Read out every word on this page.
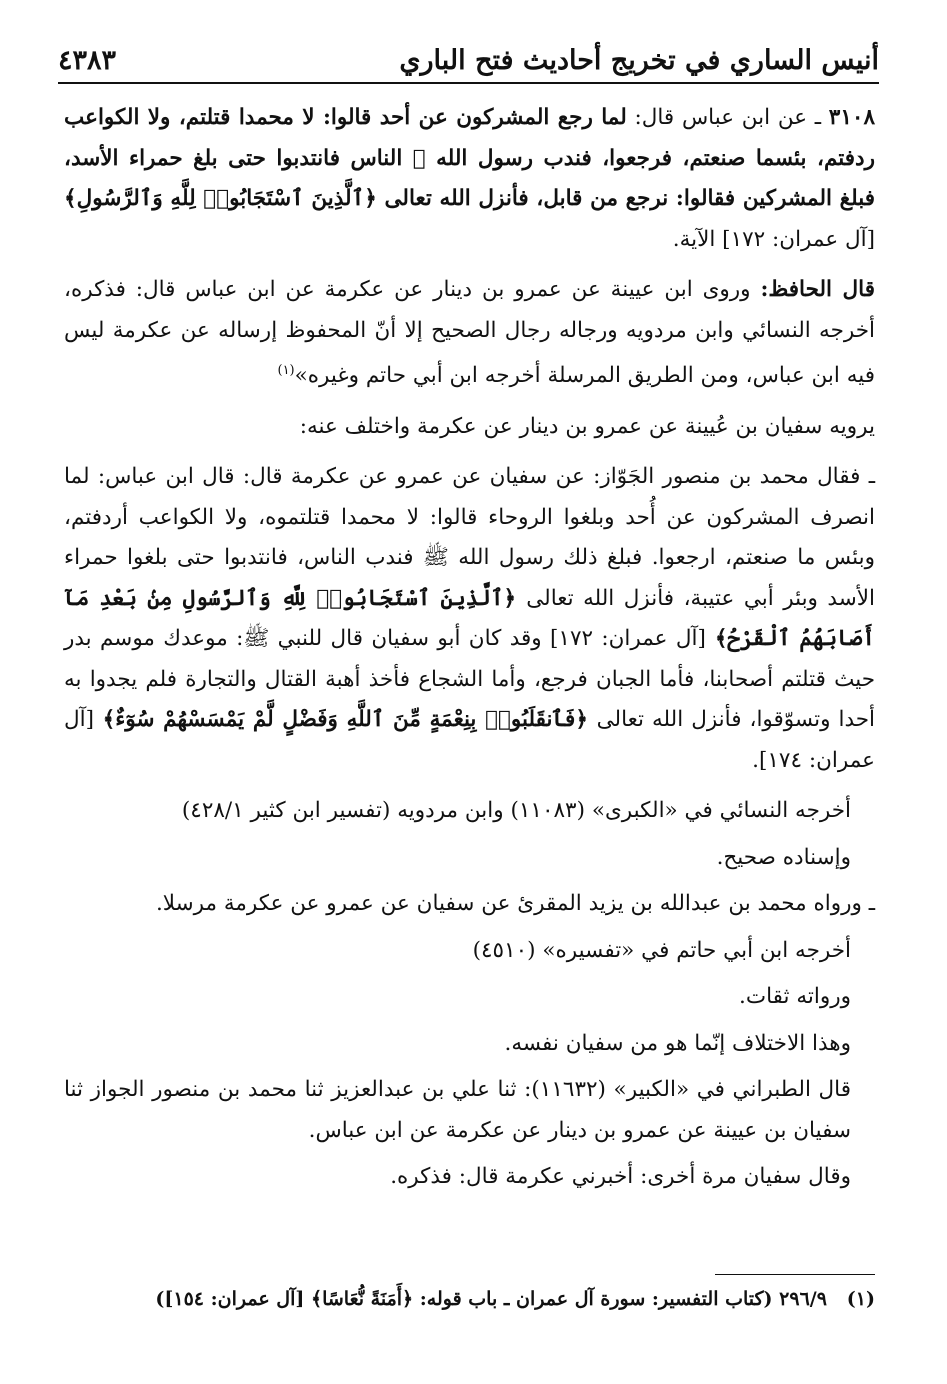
أنيس الساري في تخريج أحاديث فتح الباري
٤٣٨٣

٣١٠٨ ـ عن ابن عباس قال: لما رجع المشركون عن أحد قالوا: لا محمدا قتلتم، ولا الكواعب ردفتم، بئسما صنعتم، فرجعوا، فندب رسول الله ﷺ الناس فانتدبوا حتى بلغ حمراء الأسد، فبلغ المشركين فقالوا: نرجع من قابل، فأنزل الله تعالى ﴿ٱلَّذِينَ ٱسْتَجَابُوا۟ لِلَّهِ وَٱلرَّسُولِ﴾ [آل عمران: ١٧٢] الآية.

قال الحافظ: وروى ابن عيينة عن عمرو بن دينار عن عكرمة عن ابن عباس قال: فذكره، أخرجه النسائي وابن مردويه ورجاله رجال الصحيح إلا أنّ المحفوظ إرساله عن عكرمة ليس فيه ابن عباس، ومن الطريق المرسلة أخرجه ابن أبي حاتم وغيره»$^{(١)}$

يرويه سفيان بن عُيينة عن عمرو بن دينار عن عكرمة واختلف عنه:

ـ فقال محمد بن منصور الجَوّاز: عن سفيان عن عمرو عن عكرمة قال: قال ابن عباس: لما انصرف المشركون عن أُحد وبلغوا الروحاء قالوا: لا محمدا قتلتموه، ولا الكواعب أردفتم، وبئس ما صنعتم، ارجعوا. فبلغ ذلك رسول الله ﷺ فندب الناس، فانتدبوا حتى بلغوا حمراء الأسد وبئر أبي عتيبة، فأنزل الله تعالى ﴿ٱلَّذِينَ ٱسْتَجَابُوا۟ لِلَّهِ وَٱلرَّسُولِ مِنۢ بَعْدِ مَآ أَصَابَهُمُ ٱلْقَرْحُ﴾ [آل عمران: ١٧٢] وقد كان أبو سفيان قال للنبي ﷺ: موعدك موسم بدر حيث قتلتم أصحابنا، فأما الجبان فرجع، وأما الشجاع فأخذ أهبة القتال والتجارة فلم يجدوا به أحدا وتسوّقوا، فأنزل الله تعالى ﴿فَٱنقَلَبُوا۟ بِنِعْمَةٍ مِّنَ ٱللَّهِ وَفَضْلٍ لَّمْ يَمْسَسْهُمْ سُوٓءٌ﴾ [آل عمران: ١٧٤].

أخرجه النسائي في «الكبرى» (١١٠٨٣) وابن مردويه (تفسير ابن كثير ٤٢٨/١)

وإسناده صحيح.

ـ ورواه محمد بن عبدالله بن يزيد المقرئ عن سفيان عن عمرو عن عكرمة مرسلا.

أخرجه ابن أبي حاتم في «تفسيره» (٤٥١٠)

ورواته ثقات.

وهذا الاختلاف إنّما هو من سفيان نفسه.

قال الطبراني في «الكبير» (١١٦٣٢): ثنا علي بن عبدالعزيز ثنا محمد بن منصور الجواز ثنا سفيان بن عيينة عن عمرو بن دينار عن عكرمة عن ابن عباس.

وقال سفيان مرة أخرى: أخبرني عكرمة قال: فذكره.

(١)   ٢٩٦/٩ (كتاب التفسير: سورة آل عمران ـ باب قوله: ﴿أَمَنَةً نُّعَاسًا﴾ [آل عمران: ١٥٤])
